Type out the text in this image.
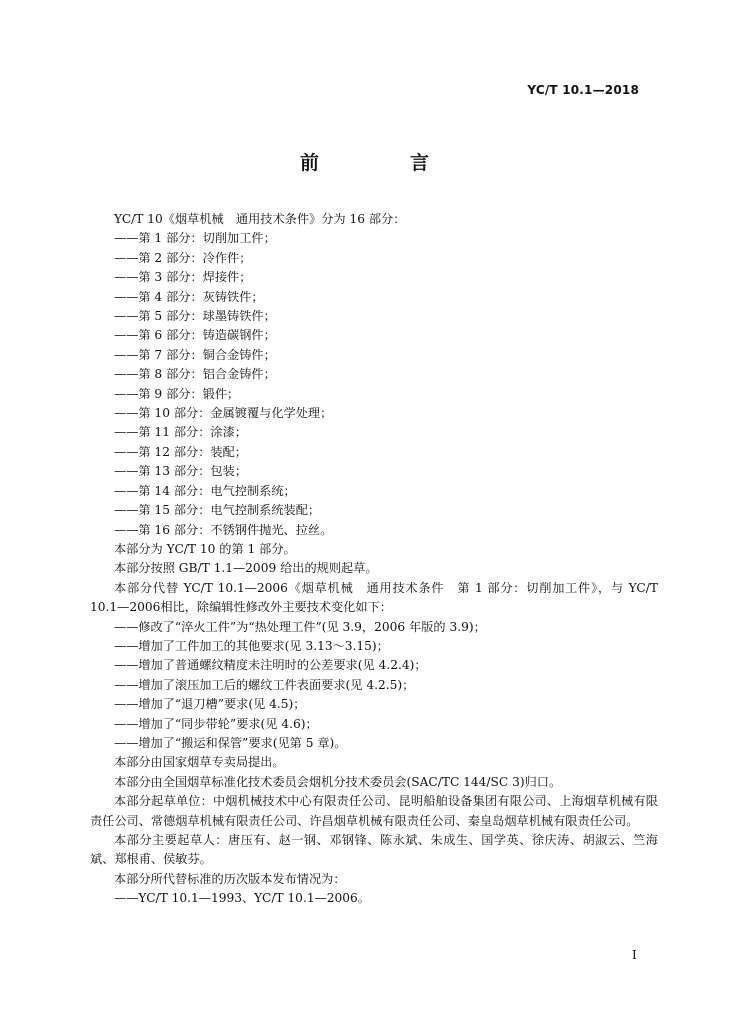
YC/T 10.1—2018
前　言
YC/T 10《烟草机械　通用技术条件》分为 16 部分：
——第 1 部分：切削加工件；
——第 2 部分：冷作件；
——第 3 部分：焊接件；
——第 4 部分：灰铸铁件；
——第 5 部分：球墨铸铁件；
——第 6 部分：铸造碳钢件；
——第 7 部分：铜合金铸件；
——第 8 部分：铝合金铸件；
——第 9 部分：锻件；
——第 10 部分：金属镀覆与化学处理；
——第 11 部分：涂漆；
——第 12 部分：装配；
——第 13 部分：包装；
——第 14 部分：电气控制系统；
——第 15 部分：电气控制系统装配；
——第 16 部分：不锈钢件抛光、拉丝。
本部分为 YC/T 10 的第 1 部分。
本部分按照 GB/T 1.1—2009 给出的规则起草。
本部分代替 YC/T 10.1—2006《烟草机械　通用技术条件　第 1 部分：切削加工件》，与 YC/T 10.1—2006相比，除编辑性修改外主要技术变化如下：
——修改了“淬火工件”为“热处理工件”(见 3.9，2006 年版的 3.9)；
——增加了工件加工的其他要求(见 3.13～3.15)；
——增加了普通螺纹精度未注明时的公差要求(见 4.2.4)；
——增加了滚压加工后的螺纹工件表面要求(见 4.2.5)；
——增加了“退刀槽”要求(见 4.5)；
——增加了“同步带轮”要求(见 4.6)；
——增加了“搬运和保管”要求(见第 5 章)。
本部分由国家烟草专卖局提出。
本部分由全国烟草标准化技术委员会烟机分技术委员会(SAC/TC 144/SC 3)归口。
本部分起草单位：中烟机械技术中心有限责任公司、昆明船舶设备集团有限公司、上海烟草机械有限责任公司、常德烟草机械有限责任公司、许昌烟草机械有限责任公司、秦皇岛烟草机械有限责任公司。
本部分主要起草人：唐压有、赵一钢、邓钢锋、陈永斌、朱成生、国学英、徐庆涛、胡淑云、竺海斌、郑根甫、侯敏芬。
本部分所代替标准的历次版本发布情况为：
——YC/T 10.1—1993、YC/T 10.1—2006。
I
